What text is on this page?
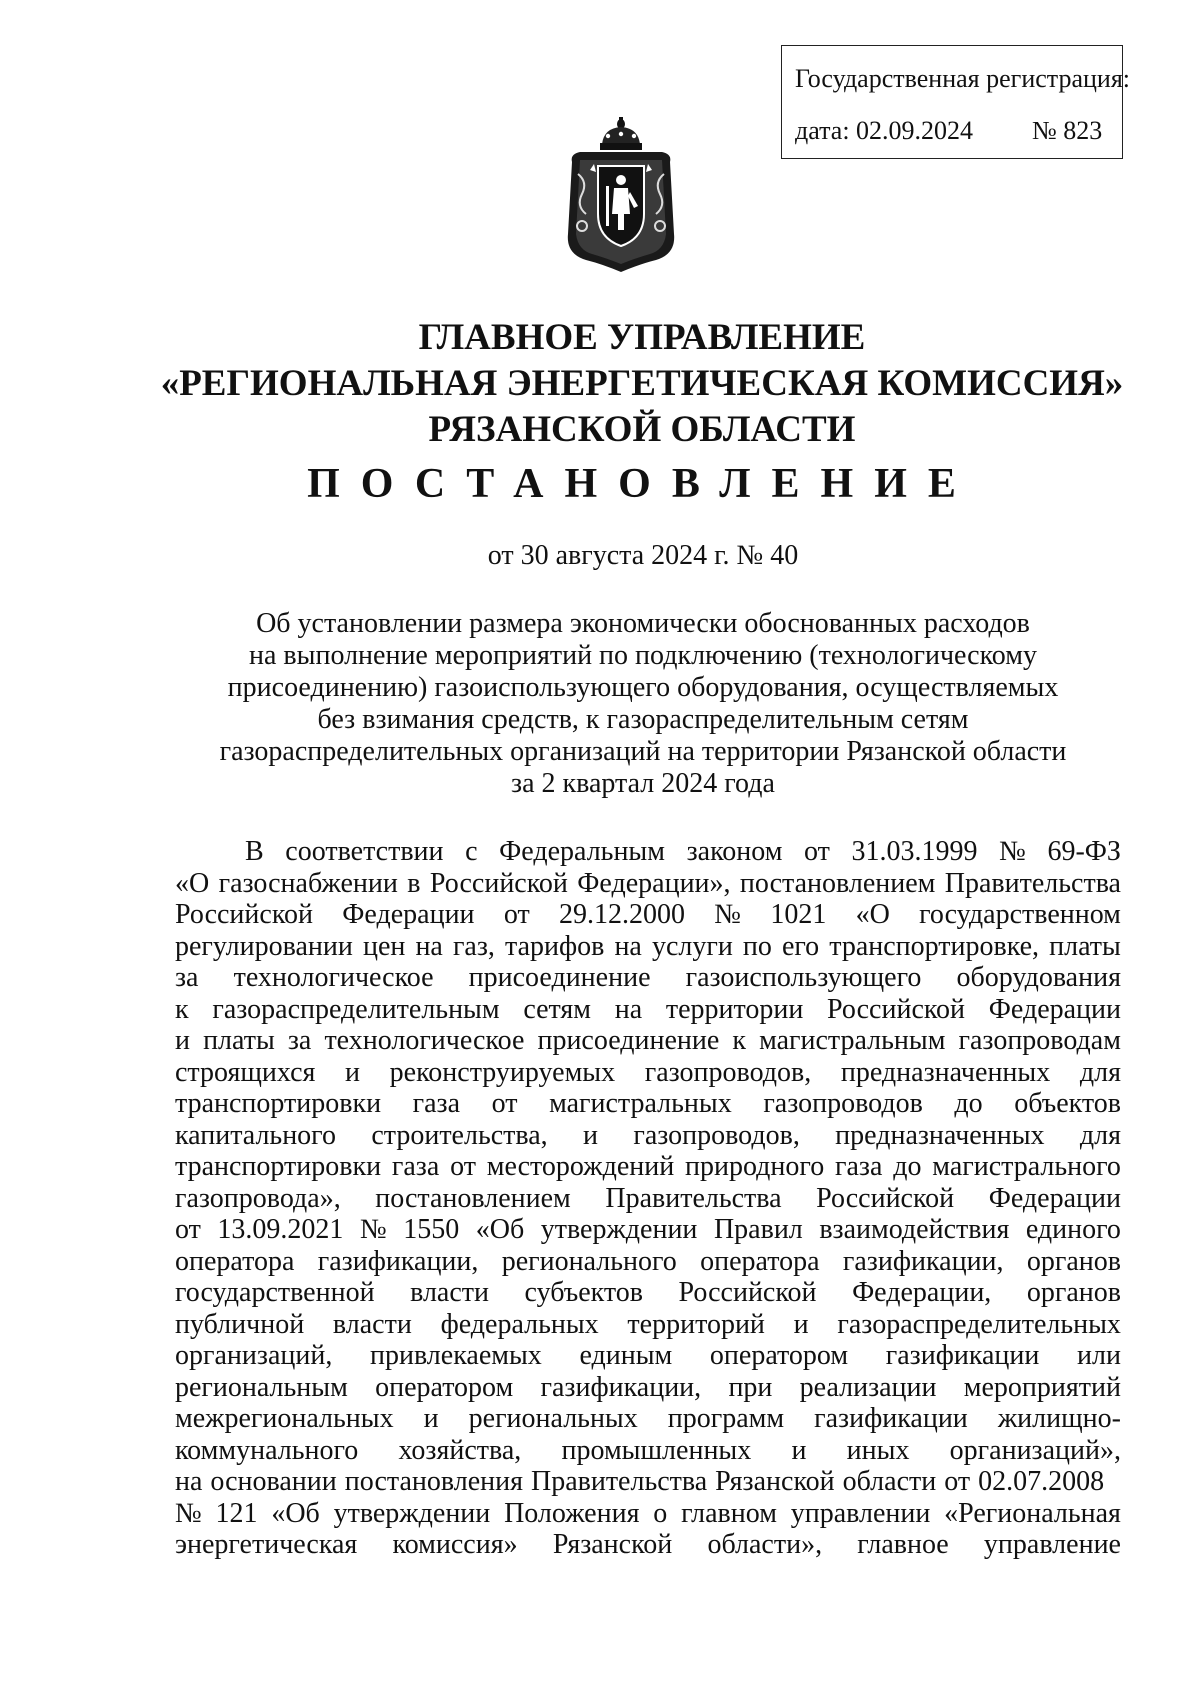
Государственная регистрация:
дата: 02.09.2024 № 823
ГЛАВНОЕ УПРАВЛЕНИЕ
«РЕГИОНАЛЬНАЯ ЭНЕРГЕТИЧЕСКАЯ КОМИССИЯ»
РЯЗАНСКОЙ ОБЛАСТИ
ПОСТАНОВЛЕНИЕ
от 30 августа 2024 г. № 40
Об установлении размера экономически обоснованных расходов
на выполнение мероприятий по подключению (технологическому
присоединению) газоиспользующего оборудования, осуществляемых
без взимания средств, к газораспределительным сетям
газораспределительных организаций на территории Рязанской области
за 2 квартал 2024 года
В соответствии с Федеральным законом от 31.03.1999 № 69-ФЗ
«О газоснабжении в Российской Федерации», постановлением Правительства
Российской Федерации от 29.12.2000 № 1021 «О государственном
регулировании цен на газ, тарифов на услуги по его транспортировке, платы
за технологическое присоединение газоиспользующего оборудования
к газораспределительным сетям на территории Российской Федерации
и платы за технологическое присоединение к магистральным газопроводам
строящихся и реконструируемых газопроводов, предназначенных для
транспортировки газа от магистральных газопроводов до объектов
капитального строительства, и газопроводов, предназначенных для
транспортировки газа от месторождений природного газа до магистрального
газопровода», постановлением Правительства Российской Федерации
от 13.09.2021 № 1550 «Об утверждении Правил взаимодействия единого
оператора газификации, регионального оператора газификации, органов
государственной власти субъектов Российской Федерации, органов
публичной власти федеральных территорий и газораспределительных
организаций, привлекаемых единым оператором газификации или
региональным оператором газификации, при реализации мероприятий
межрегиональных и региональных программ газификации жилищно-
коммунального хозяйства, промышленных и иных организаций»,
на основании постановления Правительства Рязанской области от 02.07.2008
№ 121 «Об утверждении Положения о главном управлении «Региональная
энергетическая комиссия» Рязанской области», главное управление
